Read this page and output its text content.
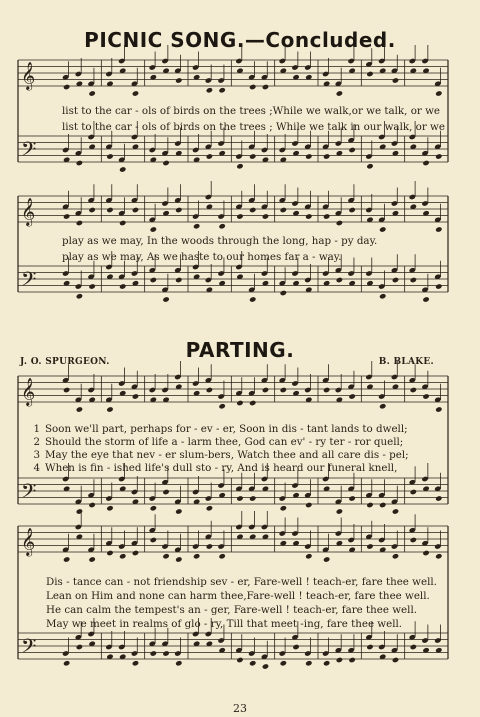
PICNIC SONG.—Concluded.
𝄞
𝄢
𝄞
𝄢
𝄞
𝄢
𝄞
𝄢
list to the car - ols of birds on the trees ;While we walk,or we talk, or we
list to the car - ols of birds on the trees ; While we talk in our walk, or we
play as we may, In the woods through the long, hap - py day.
play as we may, As we haste to our homes far a - way.
PARTING.
J. O. SPURGEON.	B. BLAKE.
1 Soon we'll part, perhaps for - ev - er, Soon in dis - tant lands to dwell;
2 Should the storm of life a - larm thee, God can ev' - ry ter - ror quell;
3 May the eye that nev - er slum-bers, Watch thee and all care dis - pel;
4 When is fin - ished life's dull sto - ry, And is heard our funeral knell,
Dis - tance can - not friendship sev - er, Fare-well ! teach-er, fare thee well.
Lean on Him and none can harm thee,Fare-well ! teach-er, fare thee well.
He can calm the tempest's an - ger, Fare-well ! teach-er, fare thee well.
May we meet in realms of glo - ry, Till that meet -ing, fare thee well.
23
